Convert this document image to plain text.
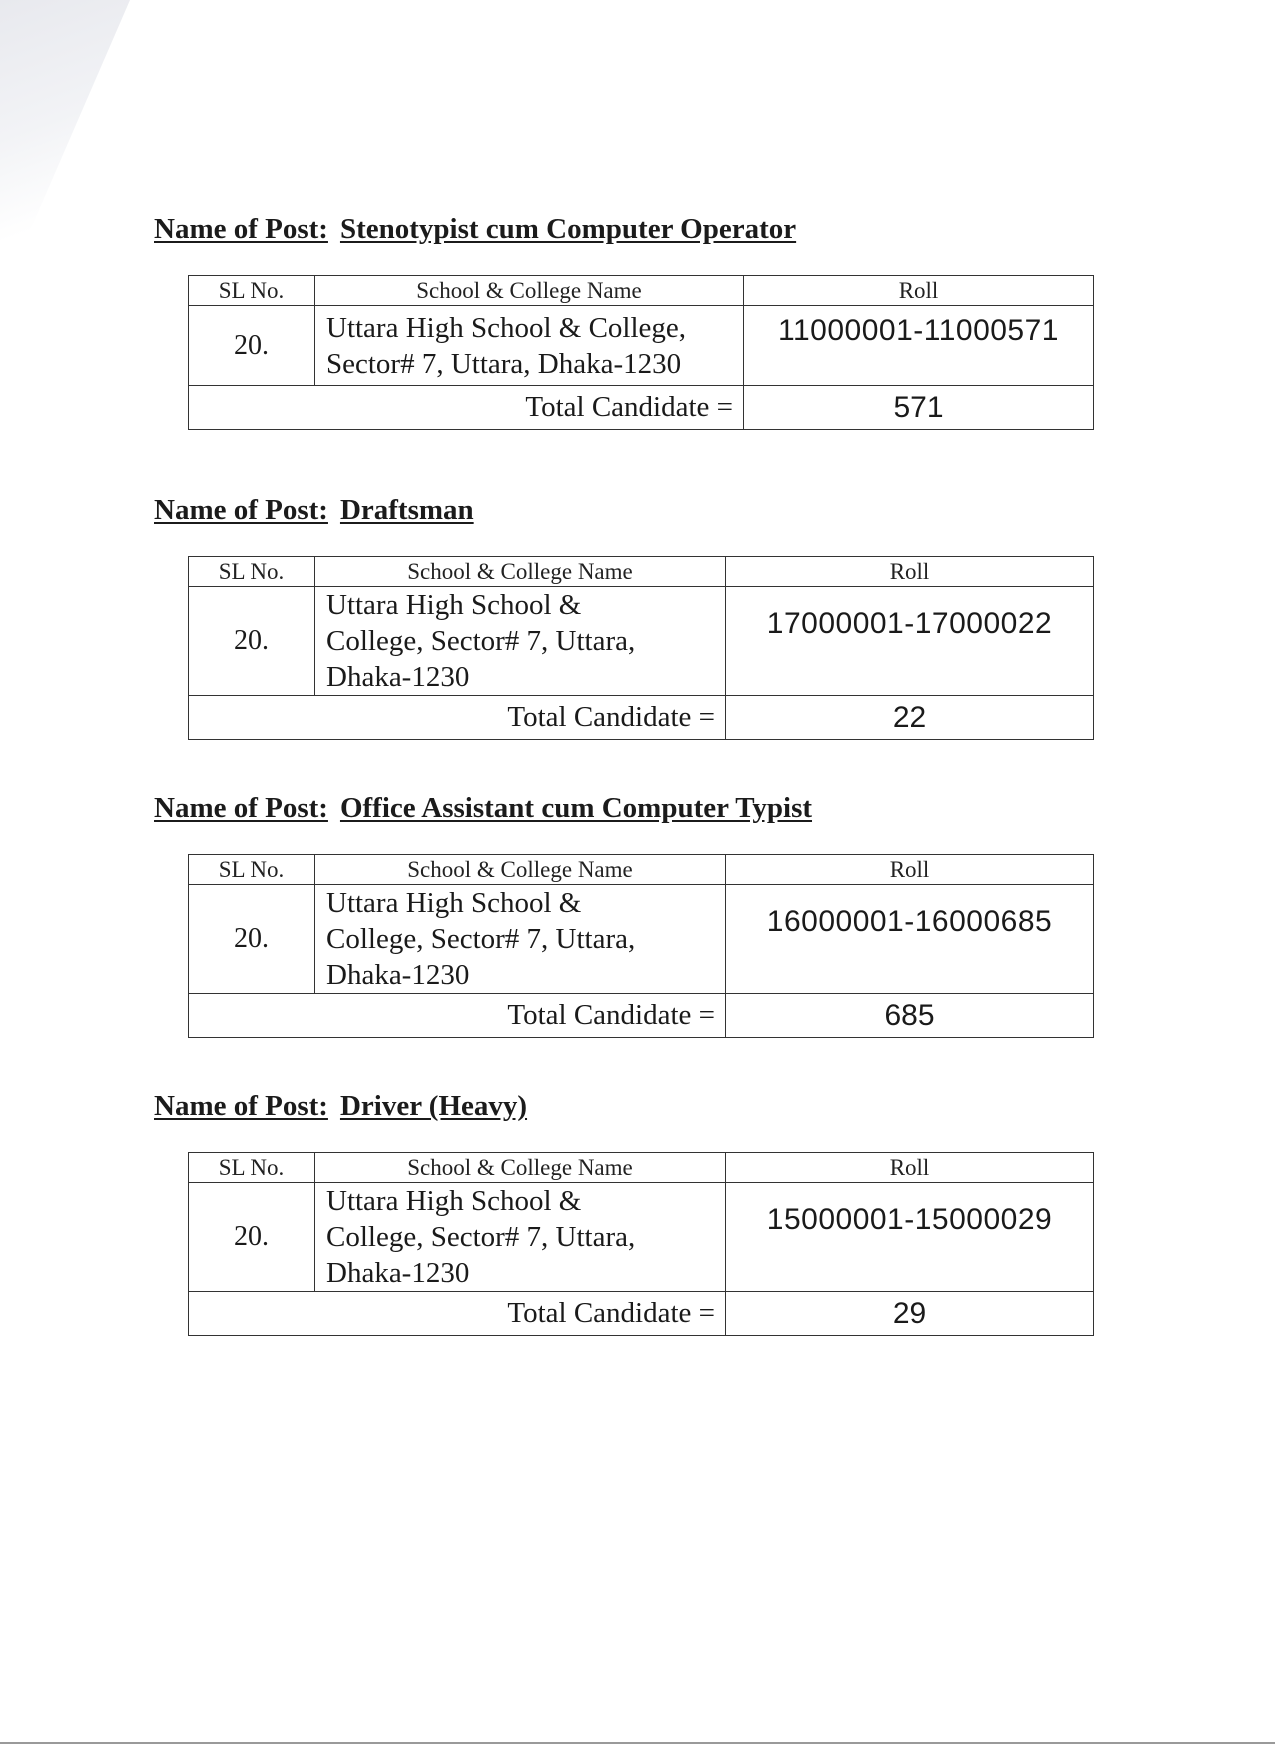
Name of Post: Stenotypist cum Computer Operator
SL No.	School & College Name	Roll
20.	Uttara High School & College,
Sector# 7, Uttara, Dhaka-1230	11000001-11000571
Total Candidate =		571
Name of Post: Draftsman
SL No.	School & College Name	Roll
20.	Uttara High School &
College, Sector# 7, Uttara,
Dhaka-1230	17000001-17000022
Total Candidate =		22
Name of Post: Office Assistant cum Computer Typist
SL No.	School & College Name	Roll
20.	Uttara High School &
College, Sector# 7, Uttara,
Dhaka-1230	16000001-16000685
Total Candidate =		685
Name of Post: Driver (Heavy)
SL No.	School & College Name	Roll
20.	Uttara High School &
College, Sector# 7, Uttara,
Dhaka-1230	15000001-15000029
Total Candidate =		29
